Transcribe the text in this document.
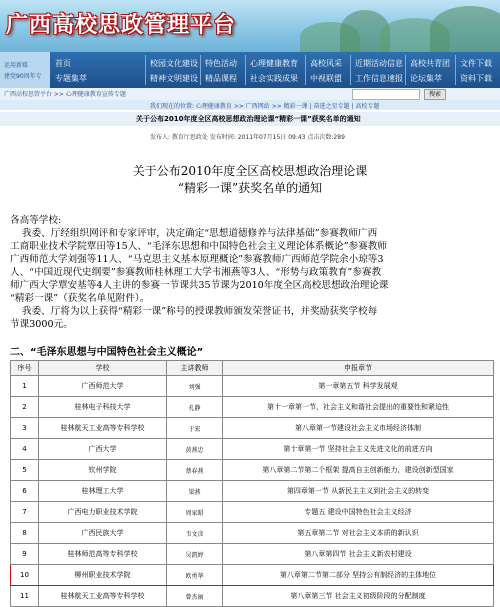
广西高校思政管理平台
运用新媒
建党90周年专
首页	校园文化建设 特色活动 心理健康教育 高校风采 近期活动信息 高校共青团 文件下载
专题集萃	精神文明建设 精品课程 社会实践成果 中视联盟 工作信息速报 论坛集萃 资料下载
广西高校思管平台 >> 心理健康教育宣传专题	搜索
我们现在的位置: 心理健康教育 >> 广西网站 >> 精彩一课 | 奋进之星专题 | 高校专题
关于公布2010年度全区高校思想政治理论课“精彩一课”获奖名单的通知
发布人: 教育厅思政处 发布时间: 2011年07月15日 09:43 点击次数:289
关于公布2010年度全区高校思想政治理论课
“精彩一课”获奖名单的通知

各高等学校:

我委、厅经组织网评和专家评审，决定确定“思想道德修养与法律基础”参赛教师广西

工商职业技术学院覃田等15人、“毛泽东思想和中国特色社会主义理论体系概论”参赛教师

广西师范大学刘强等11人、“马克思主义基本原理概论”参赛教师广西师范学院余小琼等3

人、“中国近现代史纲要”参赛教师桂林理工大学韦湘燕等3人、“形势与政策教育”参赛教

师广西大学覃安基等4人主讲的参赛一节课共35节课为2010年度全区高校思想政治理论课

“精彩一课”（获奖名单见附件）。

我委、厅将为以上获得“精彩一课”称号的授课教师颁发荣誉证书，并奖励获奖学校每

节课3000元。

二、“毛泽东思想与中国特色社会主义概论”
序号	学校	主讲教师	申报章节
1	广西师范大学	刘强	第一章第五节 科学发展观
2	桂林电子科技大学	孔静	第十一章第一节，社会主义和谐社会提出的重要性和紧迫性
3	桂林航天工业高等专科学校	于宏	第八章第一节建设社会主义市场经济体制
4	广西大学	黄燕忠	第十章第一节 坚持社会主义先进文化的前进方向
5	钦州学院	蔡春燕	第八章第二节第二个框架 提高自主创新能力，建设创新型国家
6	桂林理工大学	梁燕	第四章第一节 从新民主主义到社会主义的转变
7	广西电力职业技术学院	周家昭	专题五 建设中国特色社会主义经济
8	广西民族大学	韦文彦	第五章第二节 对社会主义本质的新认识
9	桂林师范高等专科学校	吴凯婷	第八章第四节 社会主义新农村建设
10	柳州职业技术学院	欧勇华	第八章第二节第二部分 坚持公有制经济的主体地位
11	桂林航天工业高等专科学校	曾杰丽	第八章第三节 社会主义初级阶段的分配制度
